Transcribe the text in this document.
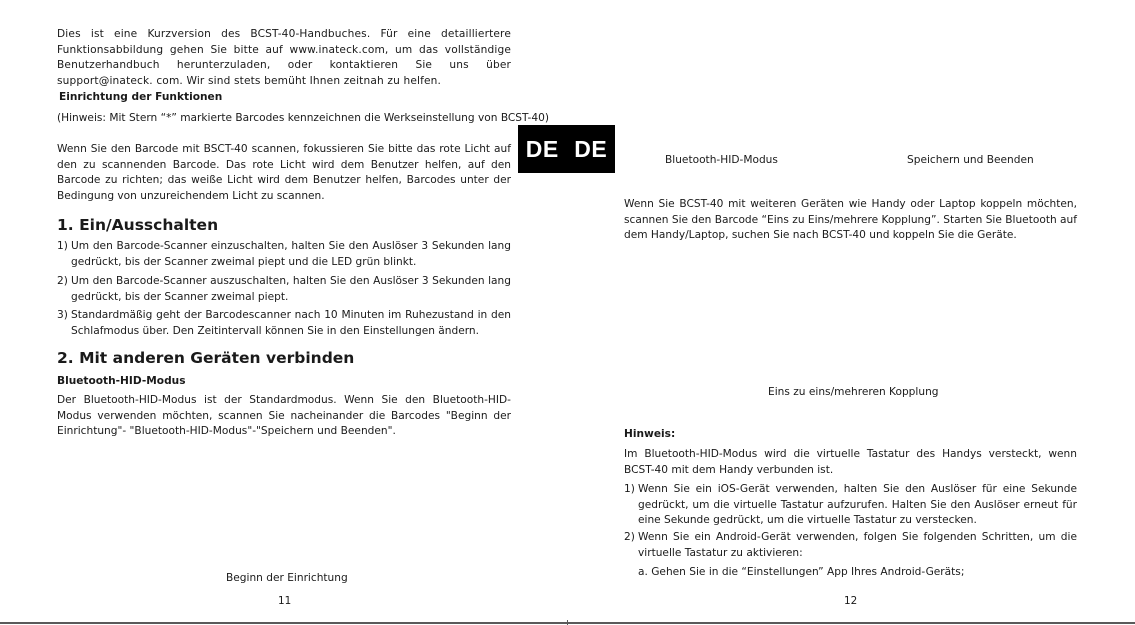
Dies ist eine Kurzversion des BCST-40-Handbuches. Für eine detailliertere Funktionsabbildung gehen Sie bitte auf www.inateck.com, um das vollständige Benutzerhandbuch herunterzuladen, oder kontaktieren Sie uns über support@inateck. com. Wir sind stets bemüht Ihnen zeitnah zu helfen.

Einrichtung der Funktionen

(Hinweis: Mit Stern “*” markierte Barcodes kennzeichnen die Werkseinstellung von BCST-40)

Wenn Sie den Barcode mit BSCT-40 scannen, fokussieren Sie bitte das rote Licht auf den zu scannenden Barcode. Das rote Licht wird dem Benutzer helfen, auf den Barcode zu richten; das weiße Licht wird dem Benutzer helfen, Barcodes unter der Bedingung von unzureichendem Licht zu scannen.

1. Ein/Ausschalten

1) Um den Barcode-Scanner einzuschalten, halten Sie den Auslöser 3 Sekunden lang gedrückt, bis der Scanner zweimal piept und die LED grün blinkt.
2) Um den Barcode-Scanner auszuschalten, halten Sie den Auslöser 3 Sekunden lang gedrückt, bis der Scanner zweimal piept.
3) Standardmäßig geht der Barcodescanner nach 10 Minuten im Ruhezustand in den Schlafmodus über. Den Zeitintervall können Sie in den Einstellungen ändern.

2. Mit anderen Geräten verbinden

Bluetooth-HID-Modus

Der Bluetooth-HID-Modus ist der Standardmodus. Wenn Sie den Bluetooth-HID-Modus verwenden möchten, scannen Sie nacheinander die Barcodes "Beginn der Einrichtung"- "Bluetooth-HID-Modus"-"Speichern und Beenden".

Beginn der Einrichtung

11
DE DE	Bluetooth-HID-Modus	Speichern und Beenden

Wenn Sie BCST-40 mit weiteren Geräten wie Handy oder Laptop koppeln möchten, scannen Sie den Barcode “Eins zu Eins/mehrere Kopplung”. Starten Sie Bluetooth auf dem Handy/Laptop, suchen Sie nach BCST-40 und koppeln Sie die Geräte.

Eins zu eins/mehreren Kopplung

Hinweis:

Im Bluetooth-HID-Modus wird die virtuelle Tastatur des Handys versteckt, wenn BCST-40 mit dem Handy verbunden ist.

1) Wenn Sie ein iOS-Gerät verwenden, halten Sie den Auslöser für eine Sekunde gedrückt, um die virtuelle Tastatur aufzurufen. Halten Sie den Auslöser erneut für eine Sekunde gedrückt, um die virtuelle Tastatur zu verstecken.
2) Wenn Sie ein Android-Gerät verwenden, folgen Sie folgenden Schritten, um die virtuelle Tastatur zu aktivieren:

a. Gehen Sie in die “Einstellungen” App Ihres Android-Geräts;

12
